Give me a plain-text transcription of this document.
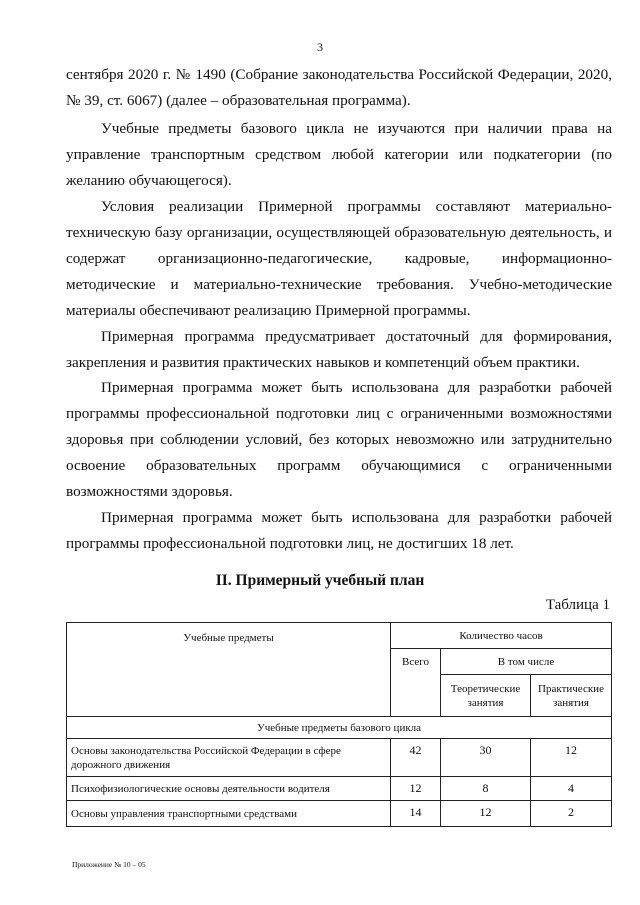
3

сентября 2020 г. № 1490 (Собрание законодательства Российской Федерации, 2020, № 39, ст. 6067) (далее – образовательная программа).

Учебные предметы базового цикла не изучаются при наличии права на управление транспортным средством любой категории или подкатегории (по желанию обучающегося).

Условия реализации Примерной программы составляют материально-техническую базу организации, осуществляющей образовательную деятельность, и содержат организационно-педагогические, кадровые, информационно-методические и материально-технические требования. Учебно-методические материалы обеспечивают реализацию Примерной программы.

Примерная программа предусматривает достаточный для формирования, закрепления и развития практических навыков и компетенций объем практики.

Примерная программа может быть использована для разработки рабочей программы профессиональной подготовки лиц с ограниченными возможностями здоровья при соблюдении условий, без которых невозможно или затруднительно освоение образовательных программ обучающимися с ограниченными возможностями здоровья.

Примерная программа может быть использована для разработки рабочей программы профессиональной подготовки лиц, не достигших 18 лет.

II. Примерный учебный план
Таблица 1
Учебные предметы	Количество часов		
	Всего	В том числе	
		Теоретические занятия	Практические занятия
Учебные предметы базового цикла			
Основы законодательства Российской Федерации в сфере дорожного движения	42	30	12
Психофизиологические основы деятельности водителя	12	8	4
Основы управления транспортными средствами	14	12	2
Приложение № 10 – 05
